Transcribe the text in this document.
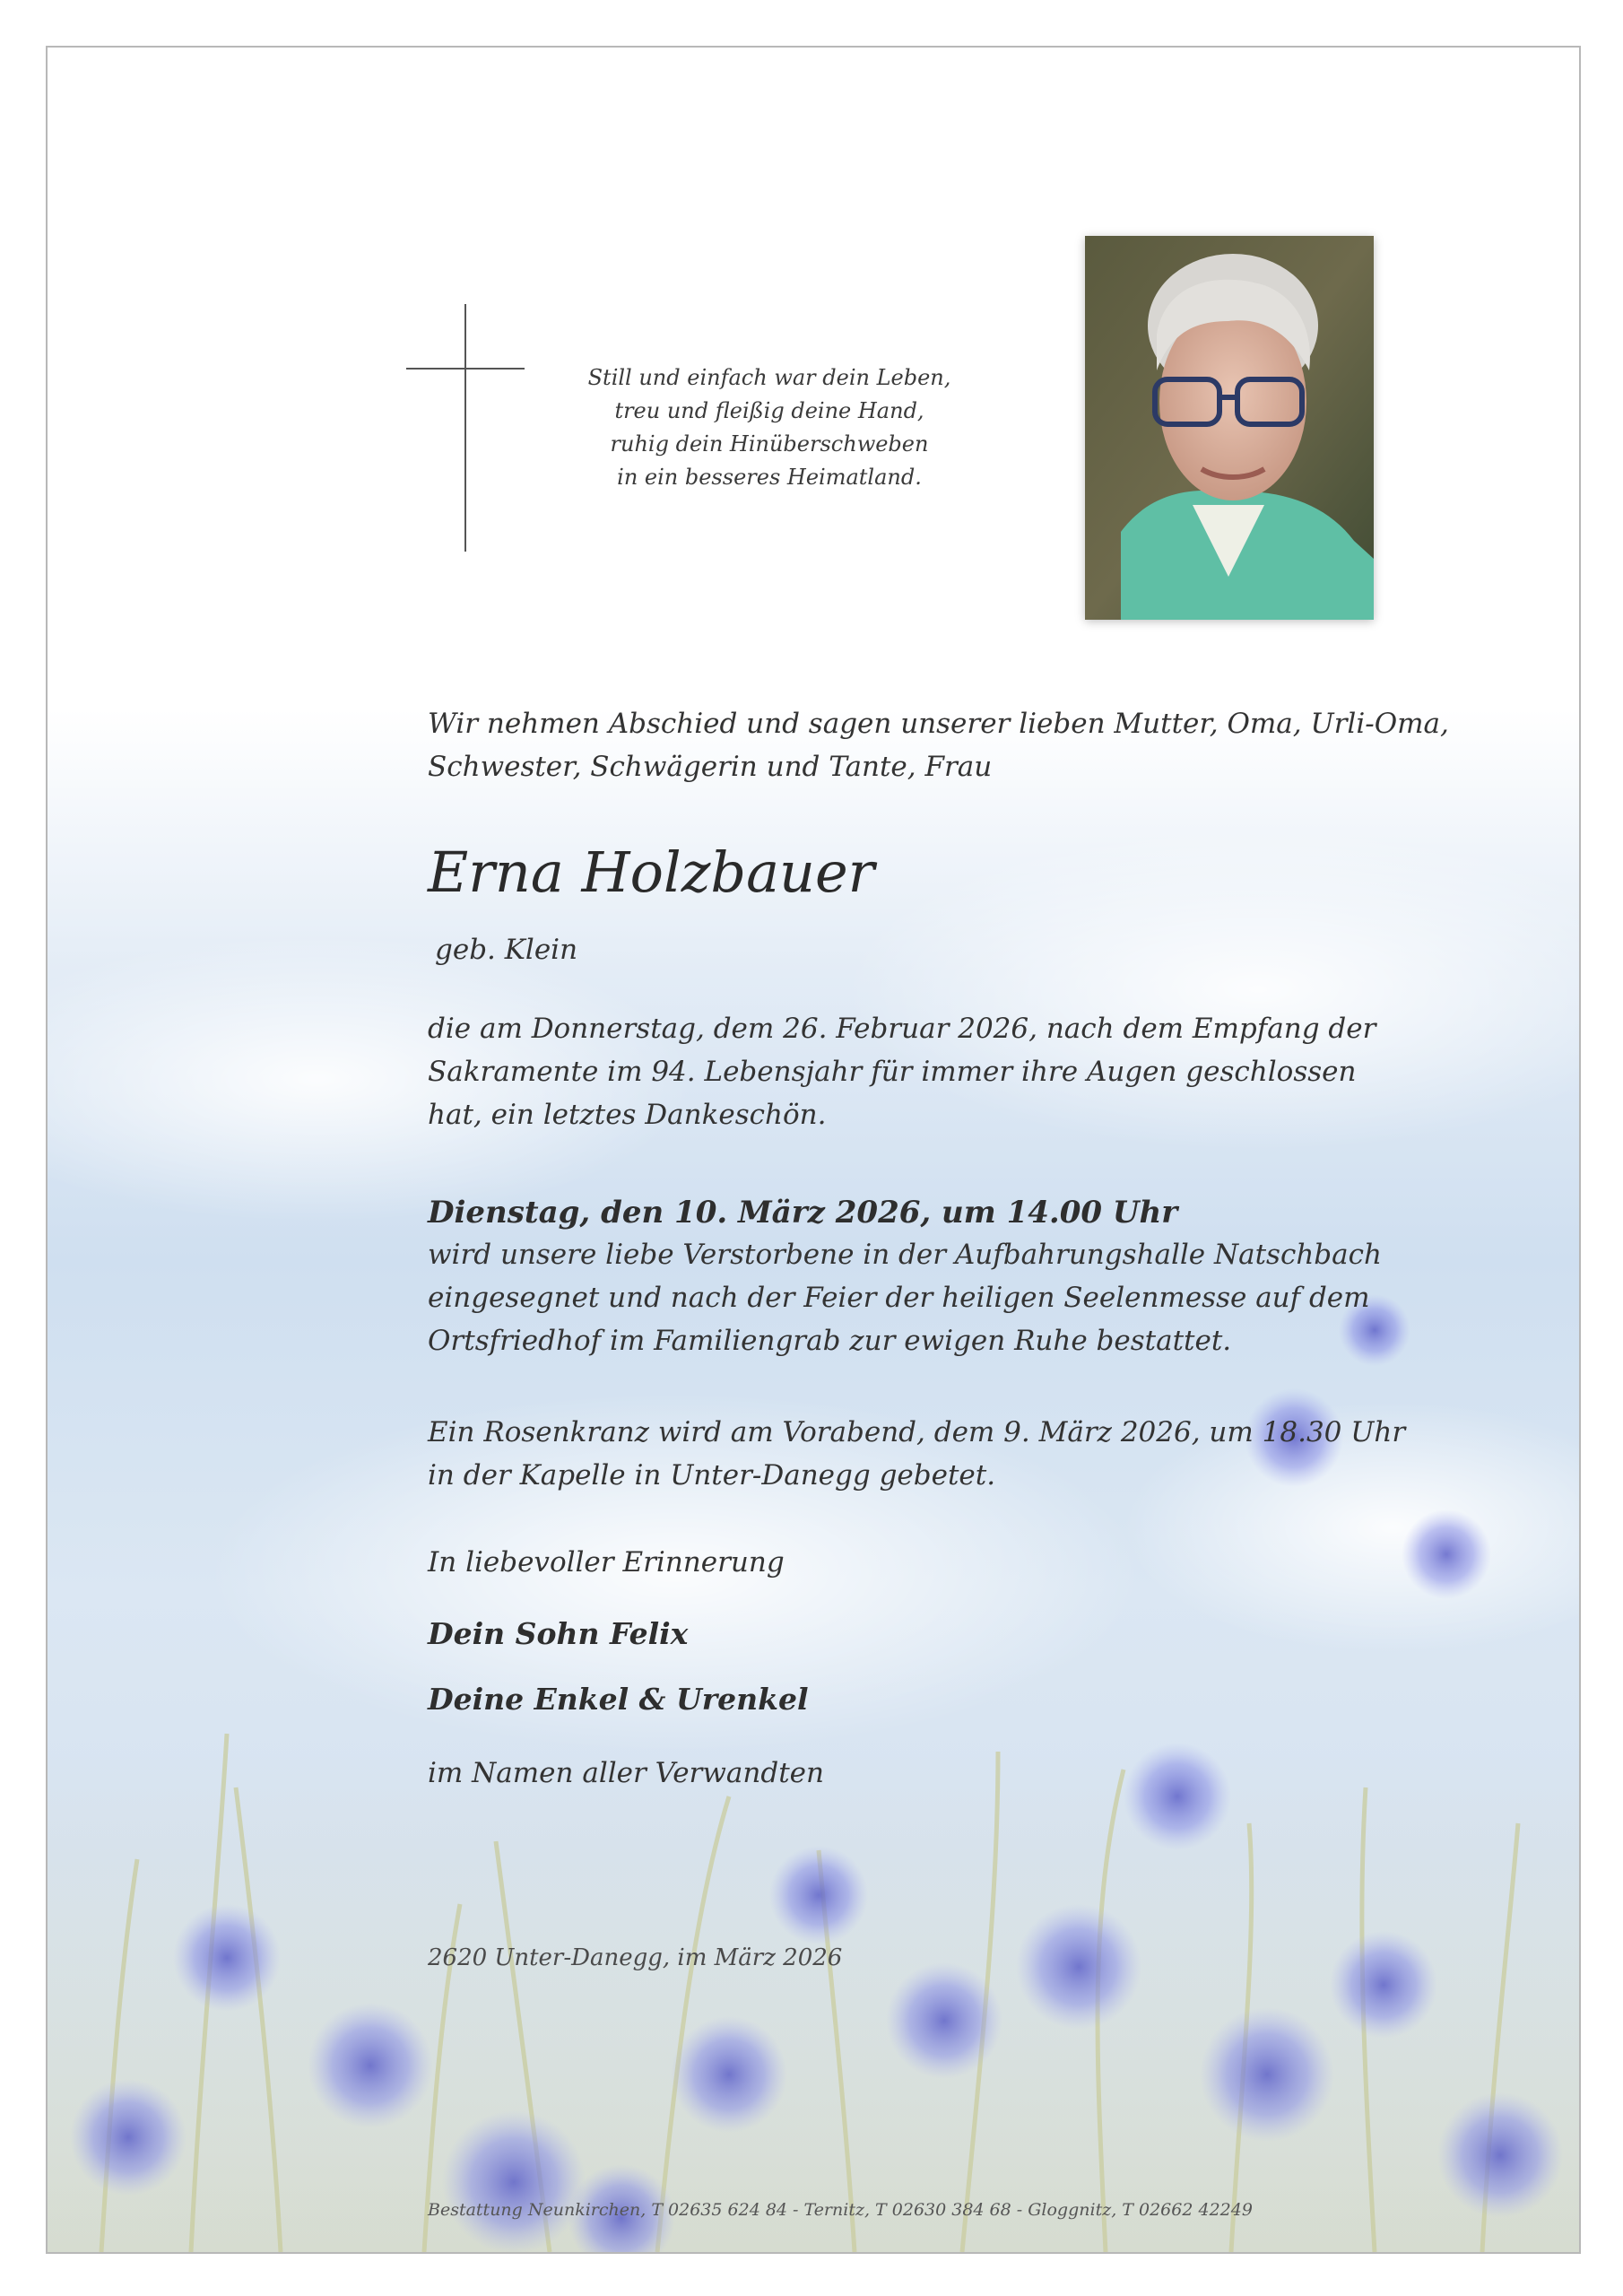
Still und einfach war dein Leben,
treu und fleißig deine Hand,
ruhig dein Hinüberschweben
in ein besseres Heimatland.
Wir nehmen Abschied und sagen unserer lieben Mutter, Oma, Urli-Oma,
Schwester, Schwägerin und Tante, Frau
Erna Holzbauer
geb. Klein
die am Donnerstag, dem 26. Februar 2026, nach dem Empfang der
Sakramente im 94. Lebensjahr für immer ihre Augen geschlossen
hat, ein letztes Dankeschön.
Dienstag, den 10. März 2026, um 14.00 Uhr
wird unsere liebe Verstorbene in der Aufbahrungshalle Natschbach
eingesegnet und nach der Feier der heiligen Seelenmesse auf dem
Ortsfriedhof im Familiengrab zur ewigen Ruhe bestattet.
Ein Rosenkranz wird am Vorabend, dem 9. März 2026, um 18.30 Uhr
in der Kapelle in Unter-Danegg gebetet.
In liebevoller Erinnerung
Dein Sohn Felix
Deine Enkel & Urenkel
im Namen aller Verwandten
2620 Unter-Danegg, im März 2026
Bestattung Neunkirchen, T 02635 624 84 - Ternitz, T 02630 384 68 - Gloggnitz, T 02662 42249
